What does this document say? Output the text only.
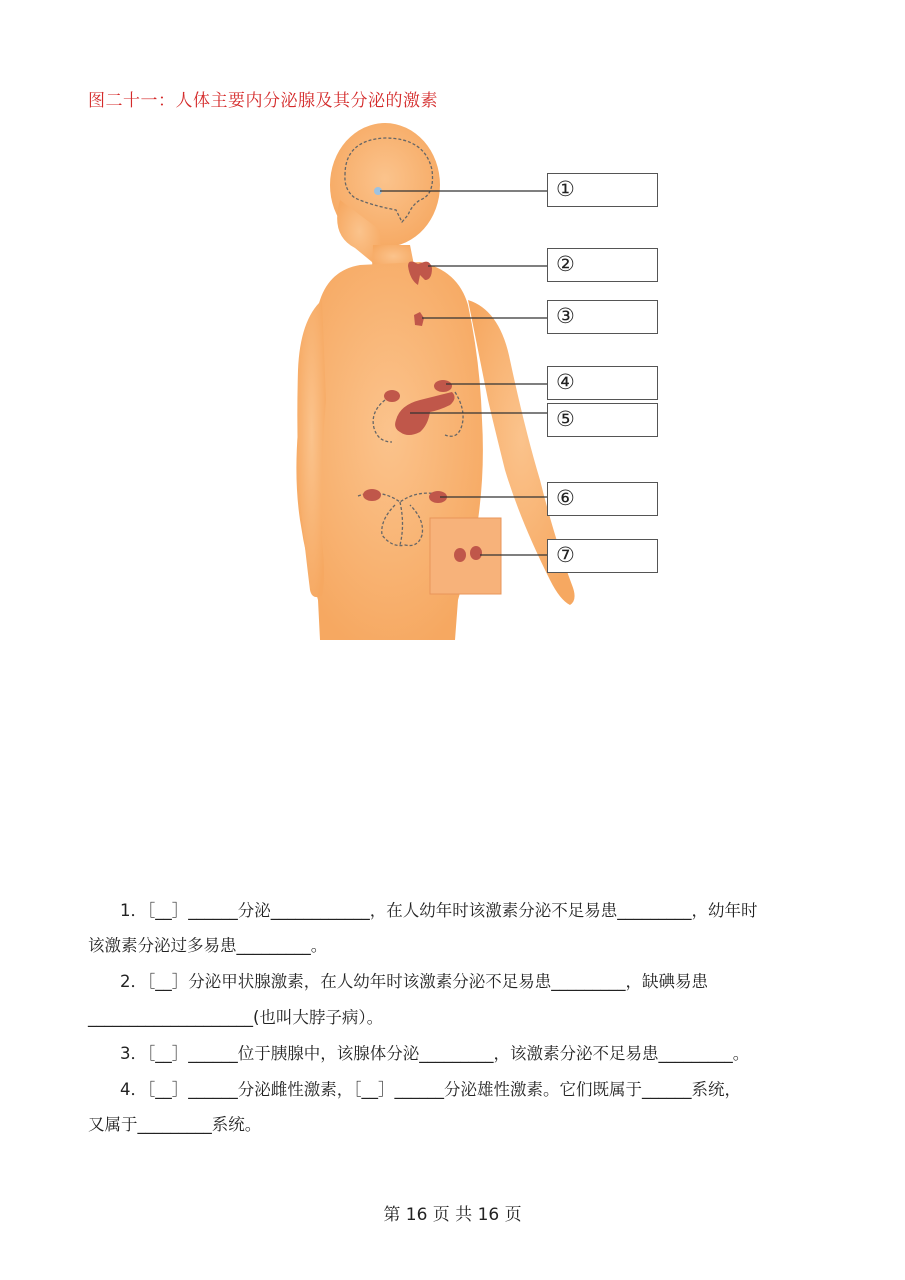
图二十一：人体主要内分泌腺及其分泌的激素
①
②
③
④
⑤
⑥
⑦
1．［__］______分泌____________，在人幼年时该激素分泌不足易患_________，幼年时
该激素分泌过多易患_________。
2．［__］分泌甲状腺激素，在人幼年时该激素分泌不足易患_________，缺碘易患
____________________(也叫大脖子病）。
3．［__］______位于胰腺中，该腺体分泌_________，该激素分泌不足易患_________。
4．［__］______分泌雌性激素，［__］______分泌雄性激素。它们既属于______系统，
又属于_________系统。
第 16 页 共 16 页
